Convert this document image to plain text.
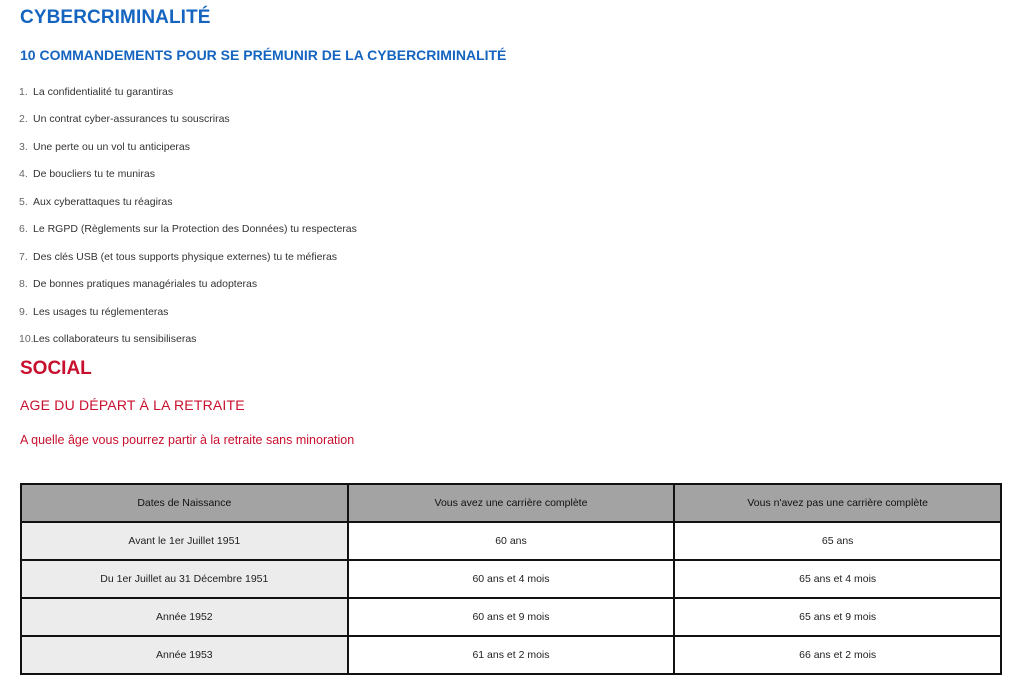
CYBERCRIMINALITÉ
10 COMMANDEMENTS POUR SE PRÉMUNIR DE LA CYBERCRIMINALITÉ
1. La confidentialité tu garantiras
2. Un contrat cyber-assurances tu souscriras
3. Une perte ou un vol tu anticiperas
4. De boucliers tu te muniras
5. Aux cyberattaques tu réagiras
6. Le RGPD (Règlements sur la Protection des Données) tu respecteras
7. Des clés USB (et tous supports physique externes) tu te méfieras
8. De bonnes pratiques managériales tu adopteras
9. Les usages tu réglementeras
10. Les collaborateurs tu sensibiliseras
SOCIAL
AGE DU DÉPART À LA RETRAITE

A quelle âge vous pourrez partir à la retraite sans minoration

Dates de Naissance	Vous avez une carrière complète	Vous n'avez pas une carrière complète
Avant le 1er Juillet 1951	60 ans	65 ans
Du 1er Juillet au 31 Décembre 1951	60 ans et 4 mois	65 ans et 4 mois
Année 1952	60 ans et 9 mois	65 ans et 9 mois
Année 1953	61 ans et 2 mois	66 ans et 2 mois
